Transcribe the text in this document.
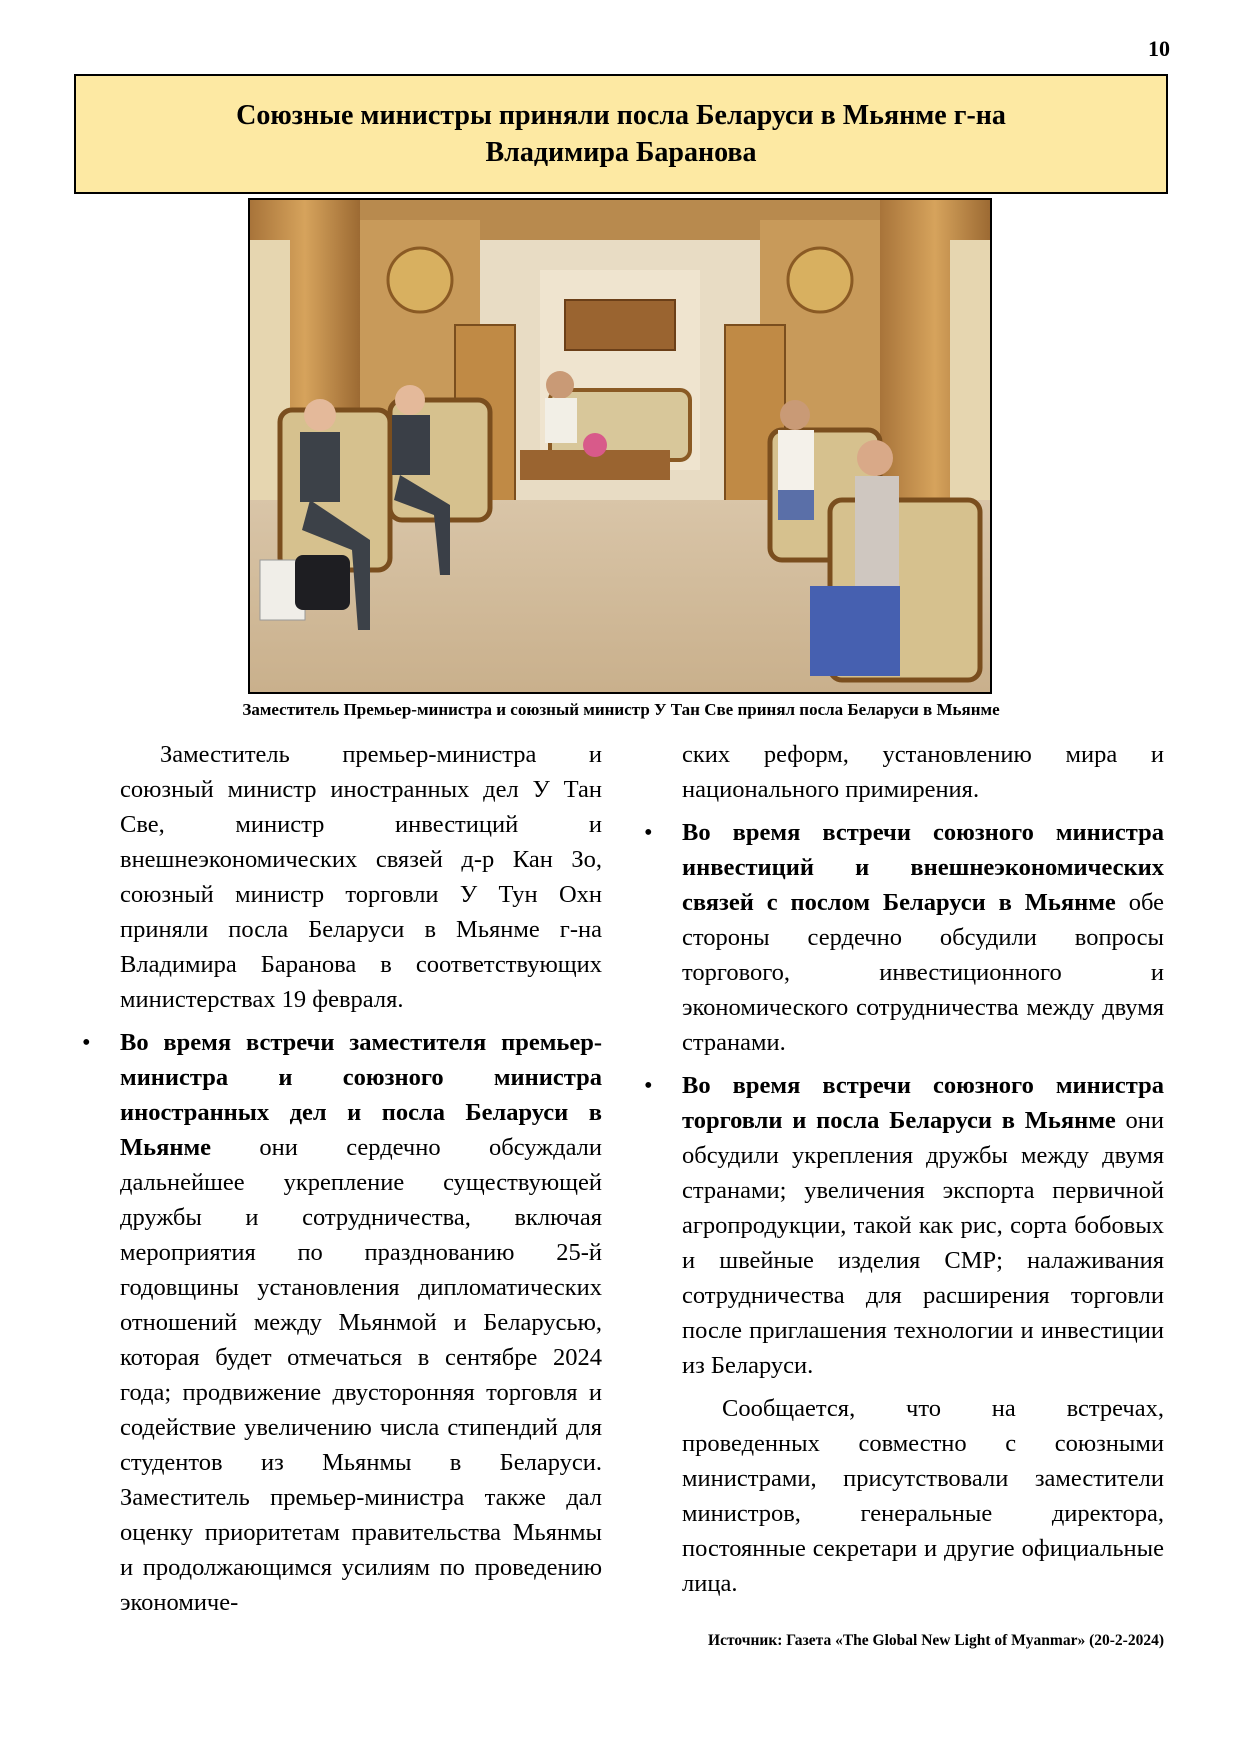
10
Союзные министры приняли посла Беларуси в Мьянме г-на Владимира Баранова
Заместитель Премьер-министра и союзный министр У Тан Све принял посла Беларуси в Мьянме

Заместитель премьер-министра и союзный министр иностранных дел У Тан Све, министр инвестиций и внешнеэкономических связей д-р Кан Зо, союзный министр торговли У Тун Охн приняли посла Беларуси в Мьянме г-на Владимира Баранова в соответствующих министерствах 19 февраля.

• Во время встречи заместителя премьер-министра и союзного министра иностранных дел и посла Беларуси в Мьянме они сердечно обсуждали дальнейшее укрепление существующей дружбы и сотрудничества, включая мероприятия по празднованию 25-й годовщины установления дипломатических отношений между Мьянмой и Беларусью, которая будет отмечаться в сентябре 2024 года; продвижение двусторонняя торговля и содействие увеличению числа стипендий для студентов из Мьянмы в Беларуси. Заместитель премьер-министра также дал оценку приоритетам правительства Мьянмы и продолжающимся усилиям по проведению экономиче-

ских реформ, установлению мира и национального примирения.

• Во время встречи союзного министра инвестиций и внешнеэкономических связей с послом Беларуси в Мьянме обе стороны сердечно обсудили вопросы торгового, инвестиционного и экономического сотрудничества между двумя странами.

• Во время встречи союзного министра торговли и посла Беларуси в Мьянме они обсудили укрепления дружбы между двумя странами; увеличения экспорта первичной агропродукции, такой как рис, сорта бобовых и швейные изделия CMP; налаживания сотрудничества для расширения торговли после приглашения технологии и инвестиции из Беларуси.

Сообщается, что на встречах, проведенных совместно с союзными министрами, присутствовали заместители министров, генеральные директора, постоянные секретари и другие официальные лица.

Источник: Газета «The Global New Light of Myanmar» (20-2-2024)
